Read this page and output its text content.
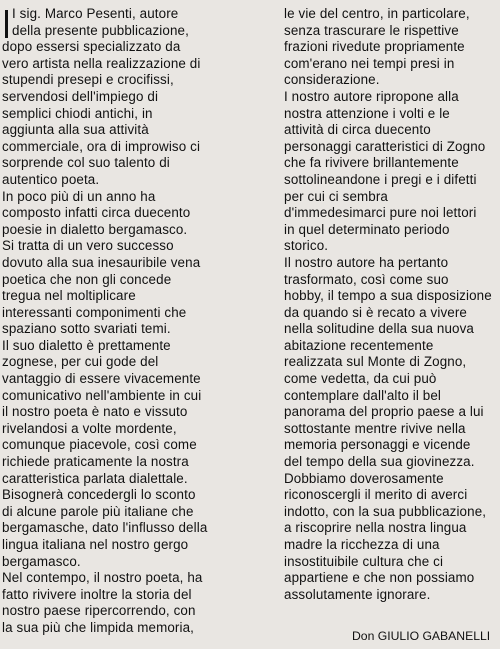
I sig. Marco Pesenti, autore
della presente pubblicazione,
dopo essersi specializzato da
vero artista nella realizzazione di
stupendi presepi e crocifissi,
servendosi dell'impiego di
semplici chiodi antichi, in
aggiunta alla sua attività
commerciale, ora di improwiso ci
sorprende col suo talento di
autentico poeta.
In poco più di un anno ha
composto infatti circa duecento
poesie in dialetto bergamasco.
Si tratta di un vero successo
dovuto alla sua inesauribile vena
poetica che non gli concede
tregua nel moltiplicare
interessanti componimenti che
spaziano sotto svariati temi.
Il suo dialetto è prettamente
zognese, per cui gode del
vantaggio di essere vivacemente
comunicativo nell'ambiente in cui
il nostro poeta è nato e vissuto
rivelandosi a volte mordente,
comunque piacevole, così come
richiede praticamente la nostra
caratteristica parlata dialettale.
Bisognerà concedergli lo sconto
di alcune parole più italiane che
bergamasche, dato l'influsso della
lingua italiana nel nostro gergo
bergamasco.
Nel contempo, il nostro poeta, ha
fatto rivivere inoltre la storia del
nostro paese ripercorrendo, con
la sua più che limpida memoria,
le vie del centro, in particolare,
senza trascurare le rispettive
frazioni rivedute propriamente
com'erano nei tempi presi in
considerazione.
I nostro autore ripropone alla
nostra attenzione i volti e le
attività di circa duecento
personaggi caratteristici di Zogno
che fa rivivere brillantemente
sottolineandone i pregi e i difetti
per cui ci sembra
d'immedesimarci pure noi lettori
in quel determinato periodo
storico.
Il nostro autore ha pertanto
trasformato, così come suo
hobby, il tempo a sua disposizione
da quando si è recato a vivere
nella solitudine della sua nuova
abitazione recentemente
realizzata sul Monte di Zogno,
come vedetta, da cui può
contemplare dall'alto il bel
panorama del proprio paese a lui
sottostante mentre rivive nella
memoria personaggi e vicende
del tempo della sua giovinezza.
Dobbiamo doverosamente
riconoscergli il merito di averci
indotto, con la sua pubblicazione,
a riscoprire nella nostra lingua
madre la ricchezza di una
insostituibile cultura che ci
appartiene e che non possiamo
assolutamente ignorare.
Don GIULIO GABANELLI
